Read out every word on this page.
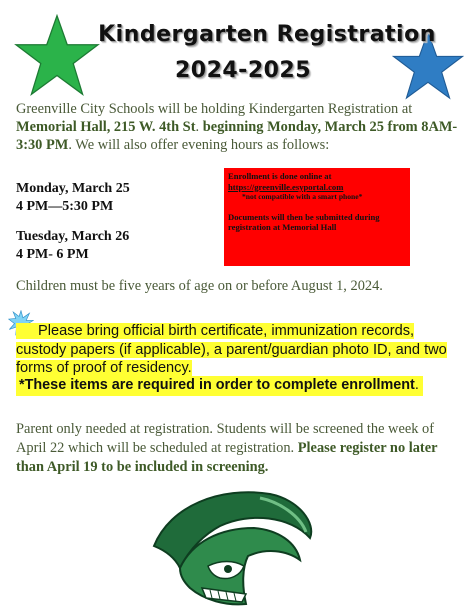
Kindergarten Registration
2024-2025

Greenville City Schools will be holding Kindergarten Registration at Memorial Hall, 215 W. 4th St. beginning Monday, March 25 from 8AM-3:30 PM. We will also offer evening hours as follows:

Monday, March 25
4 PM—5:30 PM
Tuesday, March 26
4 PM- 6 PM
Enrollment is done online at
https://greenville.esyportal.com
*not compatible with a smart phone*
Documents will then be submitted during registration at Memorial Hall

Children must be five years of age on or before August 1, 2024.

Please bring official birth certificate, immunization records, custody papers (if applicable), a parent/guardian photo ID, and two forms of proof of residency.
*These items are required in order to complete enrollment.

Parent only needed at registration. Students will be screened the week of April 22 which will be scheduled at registration. Please register no later than April 19 to be included in screening.
